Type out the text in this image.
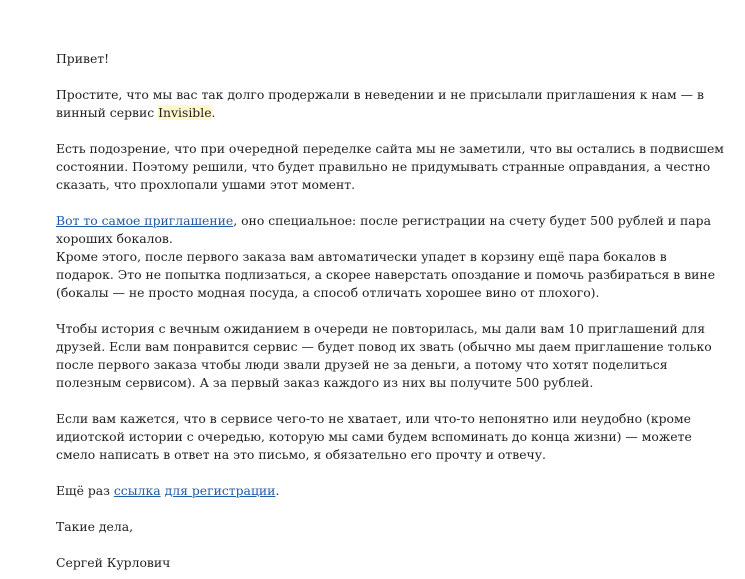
Привет!

Простите, что мы вас так долго продержали в неведении и не присылали приглашения к нам — в винный сервис Invisible.

Есть подозрение, что при очередной переделке сайта мы не заметили, что вы остались в подвисшем состоянии. Поэтому решили, что будет правильно не придумывать странные оправдания, а честно сказать, что прохлопали ушами этот момент.

Вот то самое приглашение, оно специальное: после регистрации на счету будет 500 рублей и пара хороших бокалов.

Кроме этого, после первого заказа вам автоматически упадет в корзину ещё пара бокалов в подарок. Это не попытка подлизаться, а скорее наверстать опоздание и помочь разбираться в вине (бокалы — не просто модная посуда, а способ отличать хорошее вино от плохого).

Чтобы история с вечным ожиданием в очереди не повторилась, мы дали вам 10 приглашений для друзей. Если вам понравится сервис — будет повод их звать (обычно мы даем приглашение только после первого заказа чтобы люди звали друзей не за деньги, а потому что хотят поделиться полезным сервисом). А за первый заказ каждого из них вы получите 500 рублей.

Если вам кажется, что в сервисе чего-то не хватает, или что-то непонятно или неудобно (кроме идиотской истории с очередью, которую мы сами будем вспоминать до конца жизни) — можете смело написать в ответ на это письмо, я обязательно его прочту и отвечу.

Ещё раз ссылка для регистрации.

Такие дела,

Сергей Курлович
